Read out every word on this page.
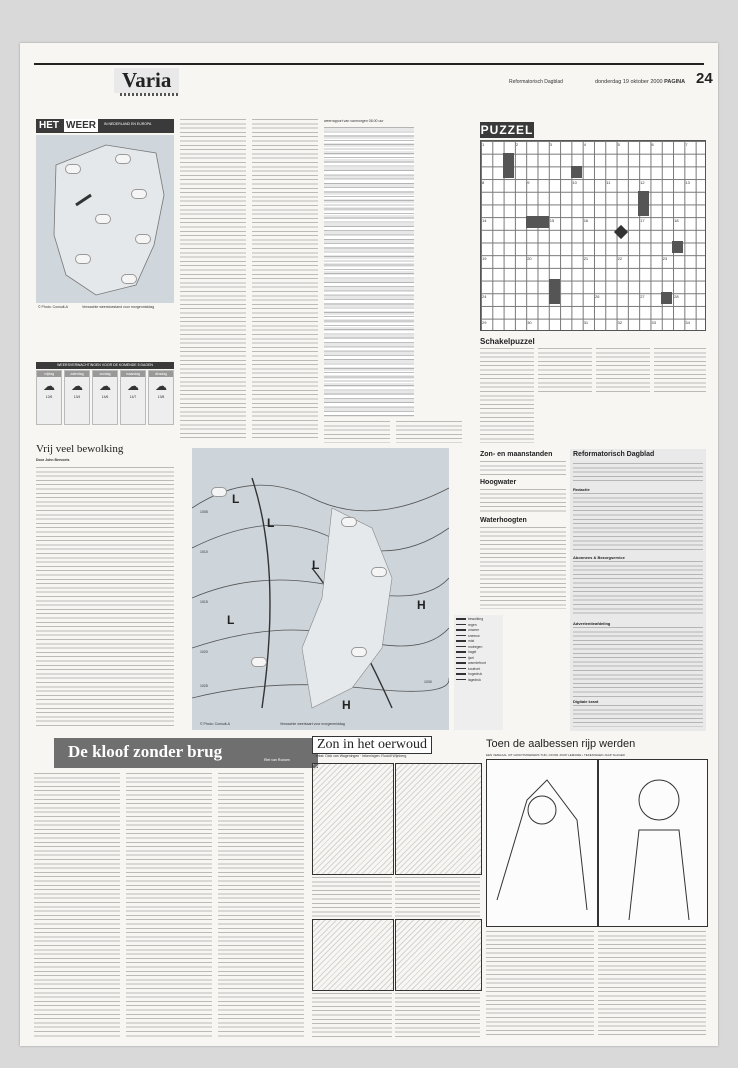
Varia	Reformatorisch Dagblad	donderdag 19 oktober 2000 PAGINA 24
HET WEER	IN NEDERLAND EN EUROPA
© Photo: Consult-A	Verwachte weerstoestand voor morgenmiddag
WEERSVERWACHTINGEN VOOR DE KOMENDE 5 DAGEN
vrijdag
☁
12/6
zaterdag
☁
13/4
zondag
☁
14/6
maandag
☁
14/7
dinsdag
☁
13/8
Vrij veel bewolking
Door John Bervoets
weerrapport van vanmorgen 08.00 uur
PUZZEL
1	2	3	4	5	6	7
8	9	10	11	12	13
14	15	16	17	18
19	20	21	22	23
24	26	27	28
29	30	31	32	33	34
Schakelpuzzel
Zon- en maanstanden
Hoogwater
Waterhoogten
Reformatorisch Dagblad
Redactie
Abonnees & Bezorgservice
Advertentieafdeling
Digitale krant
L
L
L
L
H
H
1005
1010
1015
1020
1025
1030
© Photo: Consult-A	Verwachte weerkaart voor morgenmiddag
bewolking
regen
onweer
sneeuw
mist
motregen
hagel
ijzel
warmtefront
koufront
hogedruk
lagedruk
De kloof zonder brug	Riet van Roosen
Zon in het oerwoud
tekst: Dick van Wageningen · tekeningen: Rudolf Wijnberg
Toen de aalbessen rijp werden
EEN VERHAAL UIT GROOTMOEDERS TIJD • DOOR JOOP LEMAIRE • TEKENINGEN JAAP SLAGER
